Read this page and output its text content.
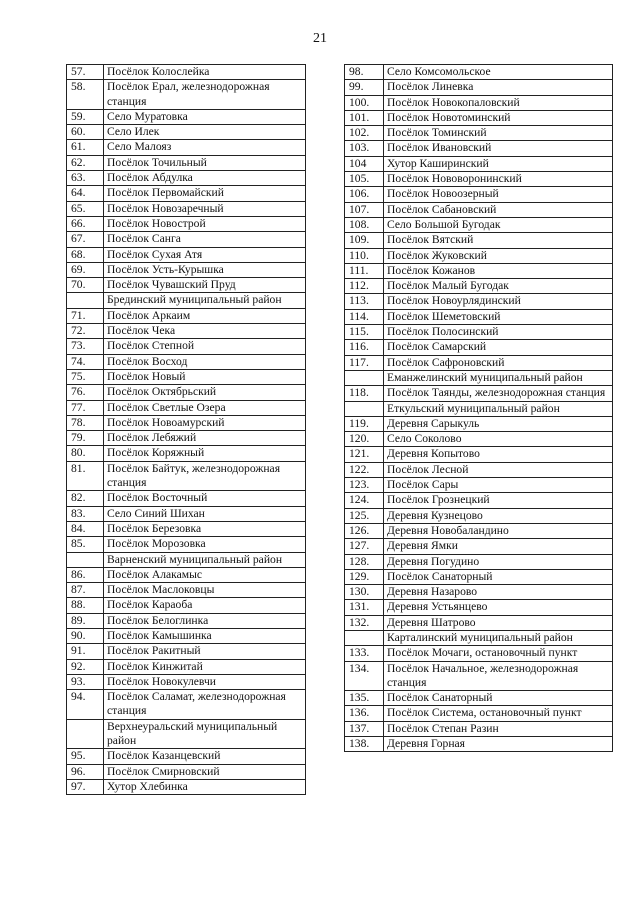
21
57.	Посёлок Колослейка
58.	Посёлок Ерал, железнодорожная станция
59.	Село Муратовка
60.	Село Илек
61.	Село Малояз
62.	Посёлок Точильный
63.	Посёлок Абдулка
64.	Посёлок Первомайский
65.	Посёлок Новозаречный
66.	Посёлок Новострой
67.	Посёлок Санга
68.	Посёлок Сухая Атя
69.	Посёлок Усть-Курышка
70.	Посёлок Чувашский Пруд
	Брединский муниципальный район
71.	Посёлок Аркаим
72.	Посёлок Чека
73.	Посёлок Степной
74.	Посёлок Восход
75.	Посёлок Новый
76.	Посёлок Октябрьский
77.	Посёлок Светлые Озера
78.	Посёлок Новоамурский
79.	Посёлок Лебяжий
80.	Посёлок Коряжный
81.	Посёлок Байтук, железнодорожная станция
82.	Посёлок Восточный
83.	Село Синий Шихан
84.	Посёлок Березовка
85.	Посёлок Морозовка
	Варненский муниципальный район
86.	Посёлок Алакамыс
87.	Посёлок Маслоковцы
88.	Посёлок Караоба
89.	Посёлок Белоглинка
90.	Посёлок Камышинка
91.	Посёлок Ракитный
92.	Посёлок Кинжитай
93.	Посёлок Новокулевчи
94.	Посёлок Саламат, железнодорожная станция
	Верхнеуральский муниципальный район
95.	Посёлок Казанцевский
96.	Посёлок Смирновский
97.	Хутор Хлебинка
98.	Село Комсомольское
99.	Посёлок Линевка
100.	Посёлок Новокопаловский
101.	Посёлок Новотоминский
102.	Посёлок Томинский
103.	Посёлок Ивановский
104	Хутор Каширинский
105.	Посёлок Нововоронинский
106.	Посёлок Новоозерный
107.	Посёлок Сабановский
108.	Село Большой Бугодак
109.	Посёлок Вятский
110.	Посёлок Жуковский
111.	Посёлок Кожанов
112.	Посёлок Малый Бугодак
113.	Посёлок Новоурлядинский
114.	Посёлок Шеметовский
115.	Посёлок Полосинский
116.	Посёлок Самарский
117.	Посёлок Сафроновский
	Еманжелинский муниципальный район
118.	Посёлок Таянды, железнодорожная станция
	Еткульский муниципальный район
119.	Деревня Сарыкуль
120.	Село Соколово
121.	Деревня Копытово
122.	Посёлок Лесной
123.	Посёлок Сары
124.	Посёлок Грознецкий
125.	Деревня Кузнецово
126.	Деревня Новобаландино
127.	Деревня Ямки
128.	Деревня Погудино
129.	Посёлок Санаторный
130.	Деревня Назарово
131.	Деревня Устьянцево
132.	Деревня Шатрово
	Карталинский муниципальный район
133.	Посёлок Мочаги, остановочный пункт
134.	Посёлок Начальное, железнодорожная станция
135.	Посёлок Санаторный
136.	Посёлок Система, остановочный пункт
137.	Посёлок Степан Разин
138.	Деревня Горная
